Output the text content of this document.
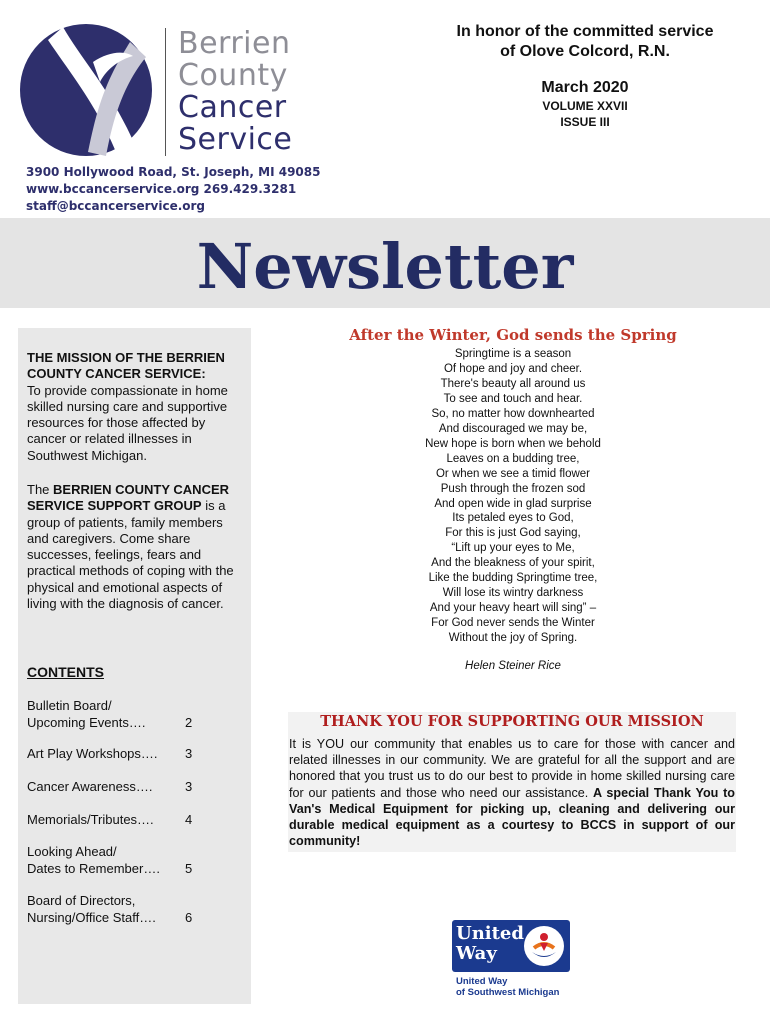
Berrien
County
Cancer
Service
3900 Hollywood Road, St. Joseph, MI 49085
www.bccancerservice.org 269.429.3281
staff@bccancerservice.org
In honor of the committed service
of Olove Colcord, R.N.
March 2020
VOLUME XXVII
ISSUE III
Newsletter
THE MISSION OF THE BERRIEN COUNTY CANCER SERVICE:
To provide compassionate in home skilled nursing care and supportive resources for those affected by cancer or related illnesses in Southwest Michigan.
The BERRIEN COUNTY CANCER SERVICE SUPPORT GROUP is a group of patients, family members and caregivers. Come share successes, feelings, fears and practical methods of coping with the physical and emotional aspects of living with the diagnosis of cancer.
CONTENTS
Bulletin Board/
Upcoming Events….	2
Art Play Workshops….	3
Cancer Awareness….	3
Memorials/Tributes….	4
Looking Ahead/
Dates to Remember….	5
Board of Directors,
Nursing/Office Staff….	6
After the Winter, God sends the Spring
Springtime is a season
Of hope and joy and cheer.
There's beauty all around us
To see and touch and hear.
So, no matter how downhearted
And discouraged we may be,
New hope is born when we behold
Leaves on a budding tree,
Or when we see a timid flower
Push through the frozen sod
And open wide in glad surprise
Its petaled eyes to God,
For this is just God saying,
“Lift up your eyes to Me,
And the bleakness of your spirit,
Like the budding Springtime tree,
Will lose its wintry darkness
And your heavy heart will sing” –
For God never sends the Winter
Without the joy of Spring.
Helen Steiner Rice
THANK YOU FOR SUPPORTING OUR MISSION
It is YOU our community that enables us to care for those with cancer and related illnesses in our community. We are grateful for all the support and are honored that you trust us to do our best to provide in home skilled nursing care for our patients and those who need our assistance. A special Thank You to Van's Medical Equipment for picking up, cleaning and delivering our durable medical equipment as a courtesy to BCCS in support of our community!
United
Way
United Way
of Southwest Michigan
